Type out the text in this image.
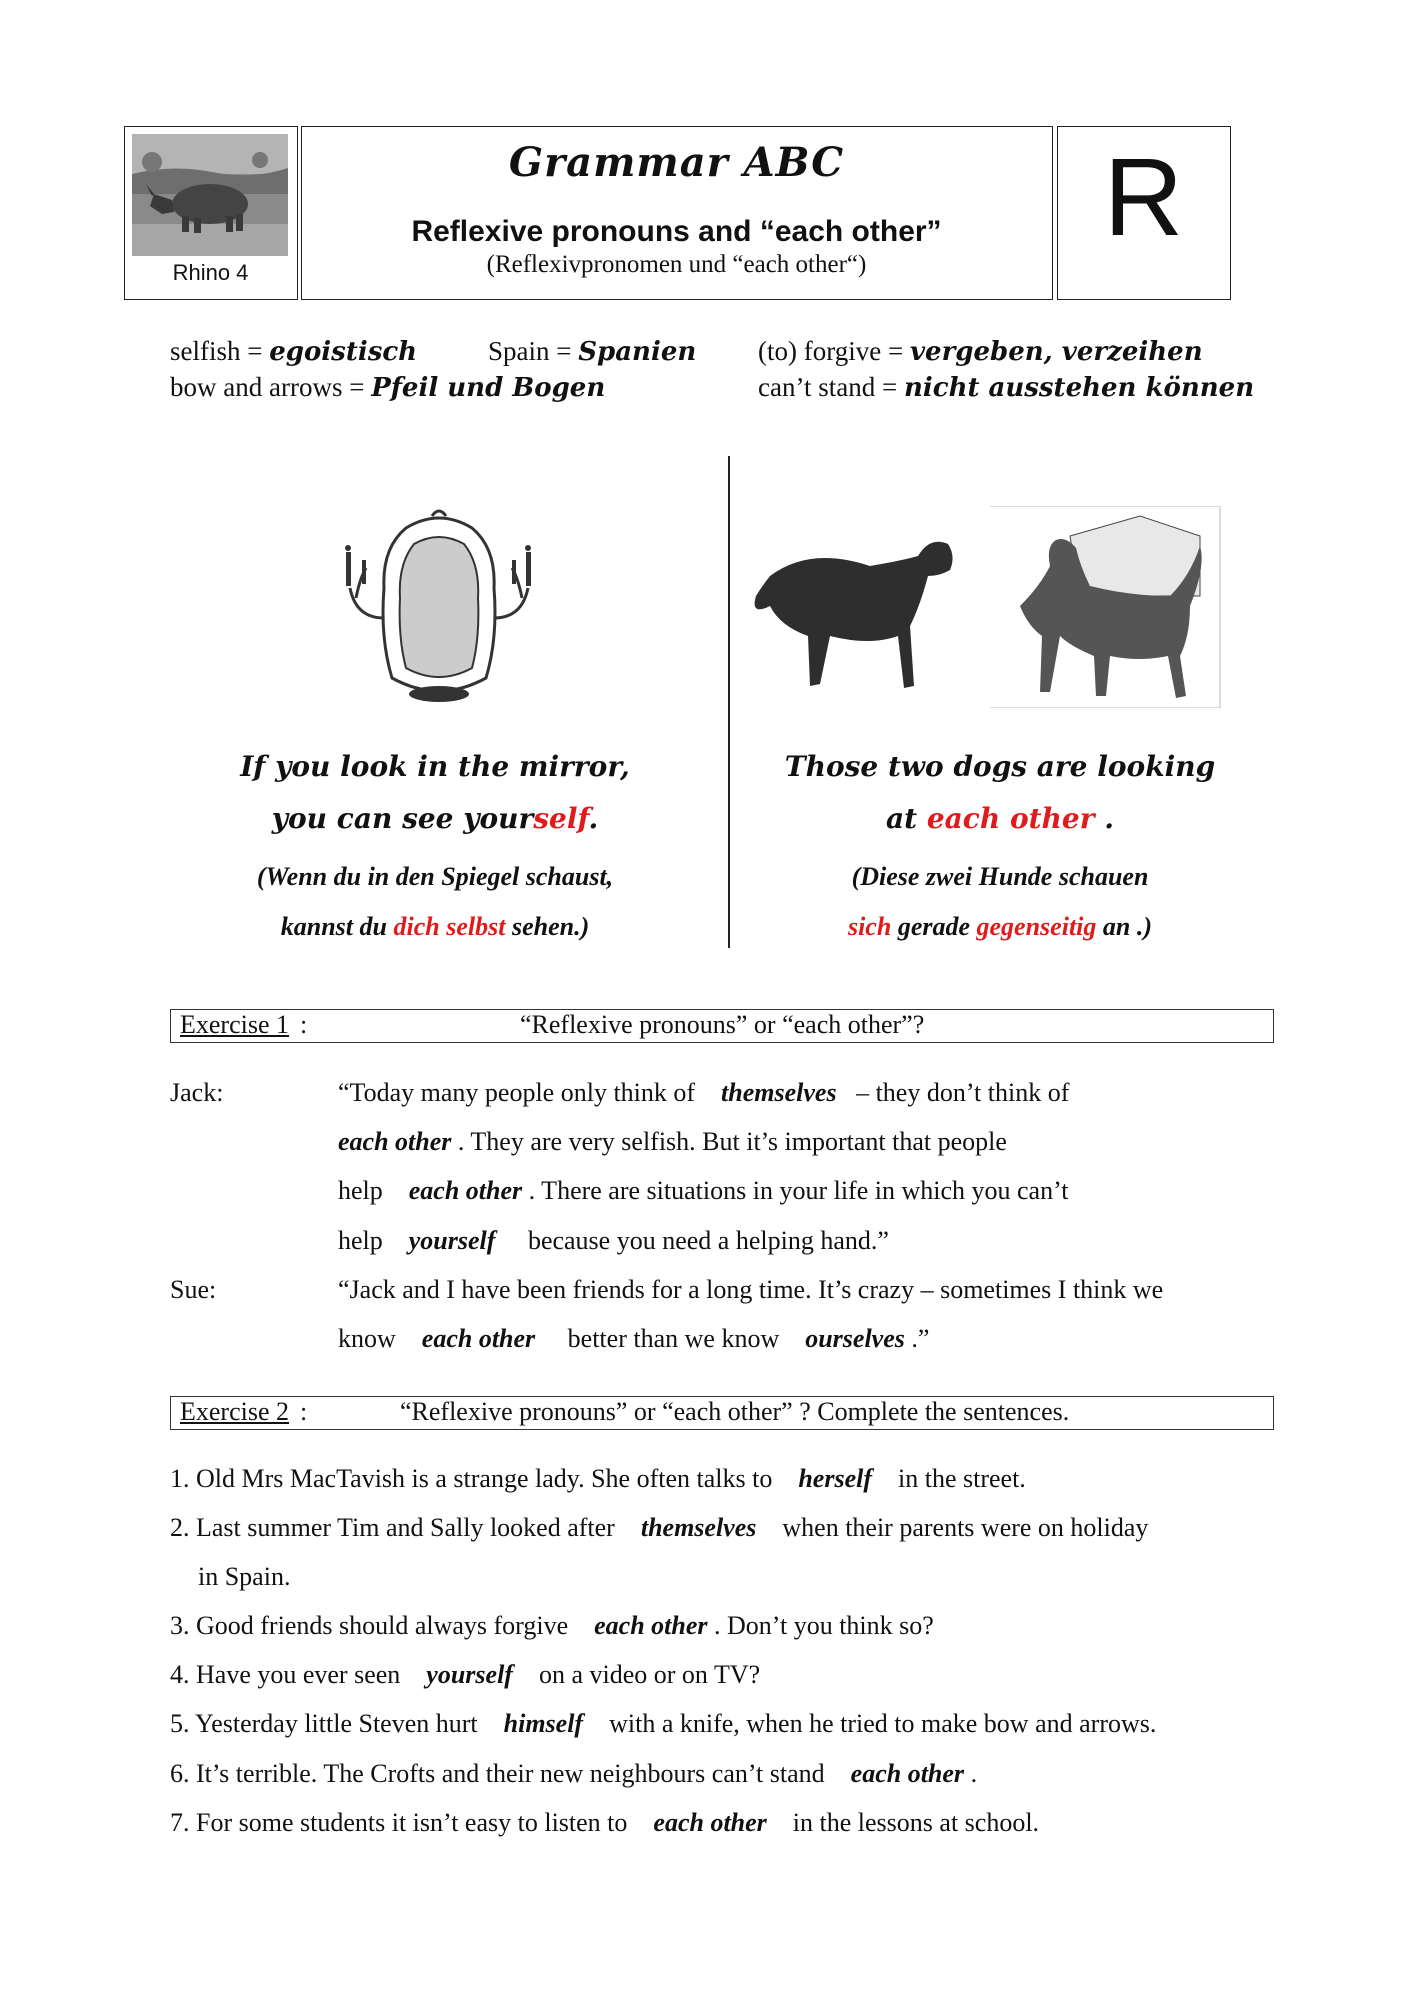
Rhino 4
Grammar ABC
Reflexive pronouns and “each other”
(Reflexivpronomen und “each other“)
R
selfish = egoistisch	Spain = Spanien (to) forgive = vergeben, verzeihen
bow and arrows = Pfeil und Bogen	can’t stand = nicht ausstehen können
If you look in the mirror,
you can see yourself.
(Wenn du in den Spiegel schaust,
kannst du dich selbst sehen.)
Those two dogs are looking
at each other .
(Diese zwei Hunde schauen
sich gerade gegenseitig an .)
Exercise 1 :	“Reflexive pronouns” or “each other”?
Jack:	“Today many people only think of themselves – they don’t think of
each other . They are very selfish. But it’s important that people
help each other . There are situations in your life in which you can’t
help yourself because you need a helping hand.”
Sue:	“Jack and I have been friends for a long time. It’s crazy – sometimes I think we
know each other better than we know ourselves .”
Exercise 2 :	“Reflexive pronouns” or “each other” ? Complete the sentences.
1. Old Mrs MacTavish is a strange lady. She often talks to herself in the street.
2. Last summer Tim and Sally looked after themselves when their parents were on holiday
in Spain.
3. Good friends should always forgive each other . Don’t you think so?
4. Have you ever seen yourself on a video or on TV?
5. Yesterday little Steven hurt himself with a knife, when he tried to make bow and arrows.
6. It’s terrible. The Crofts and their new neighbours can’t stand each other .
7. For some students it isn’t easy to listen to each other in the lessons at school.
